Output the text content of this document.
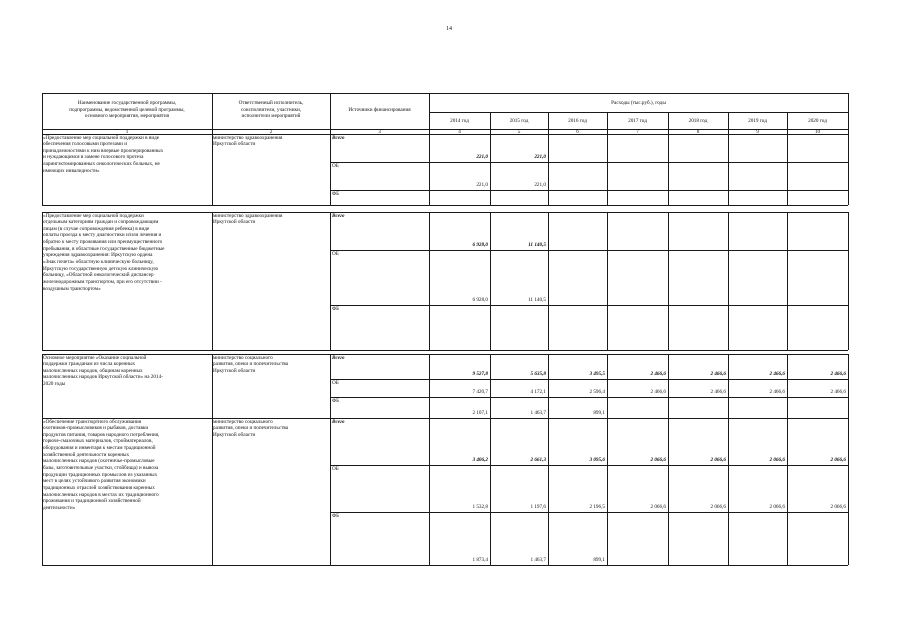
14
Наименование государственной программы,
подпрограммы, ведомственной целевой программы,
основного мероприятия, мероприятия
Ответственный исполнитель,
соисполнители, участники,
исполнители мероприятий
Источники финансирования
Расходы (тыс.руб.), годы
2014 год	2015 год	2016 год	2017 год	2018 год	2019 год	2020 год
1	2	3	4	5	6	7	8	9	10
«Предоставление мер социальной поддержки в виде
обеспечения голосовыми протезами и
принадлежностями к ним впервые прооперированных
и нуждающимся в замене голосового протеза
ларингэктомированных онкологических больных, не
имеющих инвалидности»
министерство здравоохранения
Иркутской области
Всего
221,0	221,0
ОБ
221,0	221,0
ФБ
«Предоставление мер социальной поддержки
отдельным категориям граждан и сопровождающим
лицам (в случае сопровождения ребенка) в виде
оплаты проезда к месту диагностики и/или лечения и
обратно к месту проживания или преимущественного
пребывания, в областные государственные бюджетные
учреждения здравоохранения: Иркутскую ордена
«Знак почета» областную клиническую больницу,
Иркутскую государственную детскую клиническую
больницу, «Областной онкологический диспансер
железнодорожным транспортом, при его отсутствии -
воздушным транспортом»
министерство здравоохранения
Иркутской области
Всего
6 928,0	11 140,5
ОБ
6 928,0	11 140,5
ФБ
Основное мероприятие «Оказание социальной
поддержки гражданам из числа коренных
малочисленных народов, общинам коренных
малочисленных народов Иркутской области» на 2014-
2020 годы
министерство социального
развития, опеки и попечительства
Иркутской области
Всего
9 527,8	5 635,8	3 495,5	2 466,6	2 466,6	2 466,6	2 466,6
ОБ
7 420,7	4 172,1	2 596,4	2 466,6	2 466,6	2 466,6	2 466,6
ФБ
2 107,1	1 463,7	899,1
«Обеспечение транспортного обслуживания
охотников-промысловиков и рыбаков, доставки
продуктов питания, товаров народного потребления,
горюче-смазочных материалов, стройматериалов,
оборудования и инвентаря к местам традиционной
хозяйственной деятельности коренных
малочисленных народов (охотничье-промысловые
базы, заготовительные участки, стойбища) и вывоза
продукции традиционных промыслов из указанных
мест в целях устойчивого развития экономики
традиционных отраслей хозяйствования коренных
малочисленных народов в местах их традиционного
проживания и традиционной хозяйственной
деятельности»
министерство социального
развития, опеки и попечительства
Иркутской области
Всего
3 406,2	2 661,3	3 095,6	2 066,6	2 066,6	2 066,6	2 066,6
ОБ
1 532,8	1 197,6	2 196,5	2 066,6	2 066,6	2 066,6	2 066,6
ФБ
1 873,4	1 463,7	899,1
